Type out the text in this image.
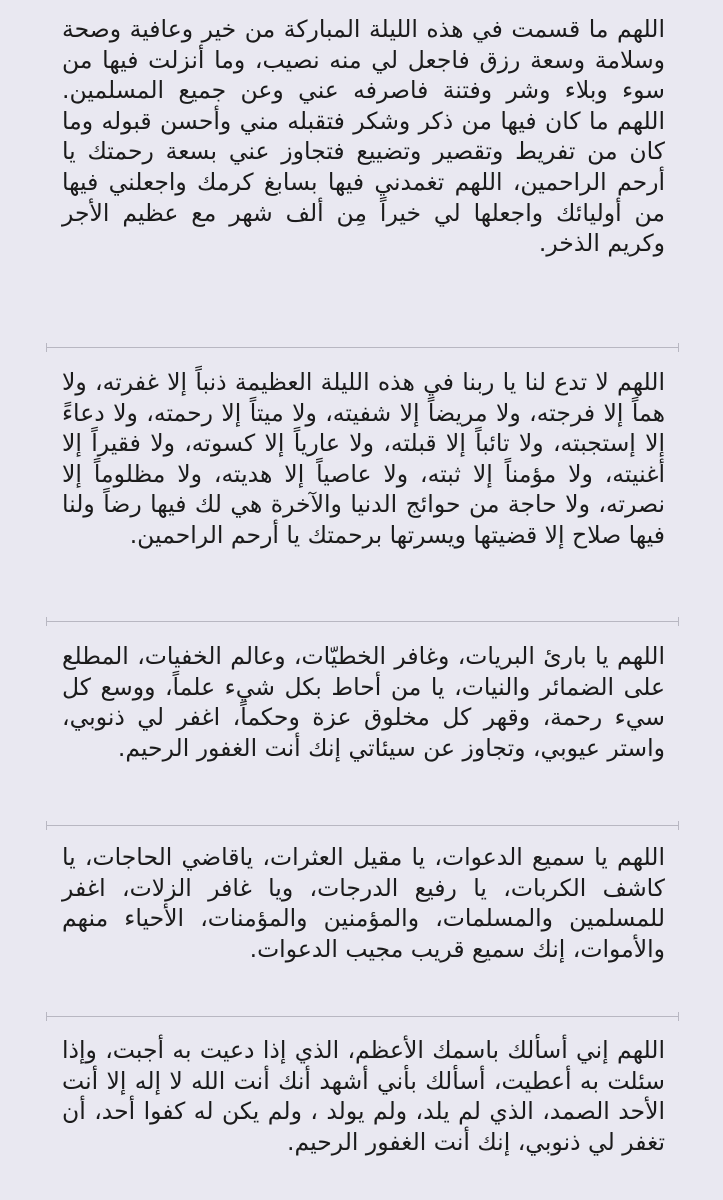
اللهم ما قسمت في هذه الليلة المباركة من خير وعافية وصحة وسلامة وسعة رزق فاجعل لي منه نصيب، وما أنزلت فيها من سوء وبلاء وشر وفتنة فاصرفه عني وعن جميع المسلمين. اللهم ما كان فيها من ذكر وشكر فتقبله مني وأحسن قبوله وما كان من تفريط وتقصير وتضييع فتجاوز عني بسعة رحمتك يا أرحم الراحمين، اللهم تغمدني فيها بسابغ كرمك واجعلني فيها من أوليائك واجعلها لي خيراً مِن ألف شهر مع عظيم الأجر وكريم الذخر.

اللهم لا تدع لنا يا ربنا في هذه الليلة العظيمة ذنباً إلا غفرته، ولا هماً إلا فرجته، ولا مريضاً إلا شفيته، ولا ميتاً إلا رحمته، ولا دعاءً إلا إستجبته، ولا تائباً إلا قبلته، ولا عارياً إلا كسوته، ولا فقيراً إلا أغنيته، ولا مؤمناً إلا ثبته، ولا عاصياً إلا هديته، ولا مظلوماً إلا نصرته، ولا حاجة من حوائج الدنيا والآخرة هي لك فيها رضاً ولنا فيها صلاح إلا قضيتها ويسرتها برحمتك يا أرحم الراحمين.

اللهم يا بارئ البريات، وغافر الخطيّات، وعالم الخفيات، المطلع على الضمائر والنيات، يا من أحاط بكل شيء علماً، ووسع كل سيء رحمة، وقهر كل مخلوق عزة وحكماً، اغفر لي ذنوبي، واستر عيوبي، وتجاوز عن سيئاتي إنك أنت الغفور الرحيم.

اللهم يا سميع الدعوات، يا مقيل العثرات، ياقاضي الحاجات، يا كاشف الكربات، يا رفيع الدرجات، ويا غافر الزلات، اغفر للمسلمين والمسلمات، والمؤمنين والمؤمنات، الأحياء منهم والأموات، إنك سميع قريب مجيب الدعوات.

اللهم إني أسألك باسمك الأعظم، الذي إذا دعيت به أجبت، وإذا سئلت به أعطيت، أسألك بأني أشهد أنك أنت الله لا إله إلا أنت الأحد الصمد، الذي لم يلد، ولم يولد ، ولم يكن له كفوا أحد، أن تغفر لي ذنوبي، إنك أنت الغفور الرحيم.
